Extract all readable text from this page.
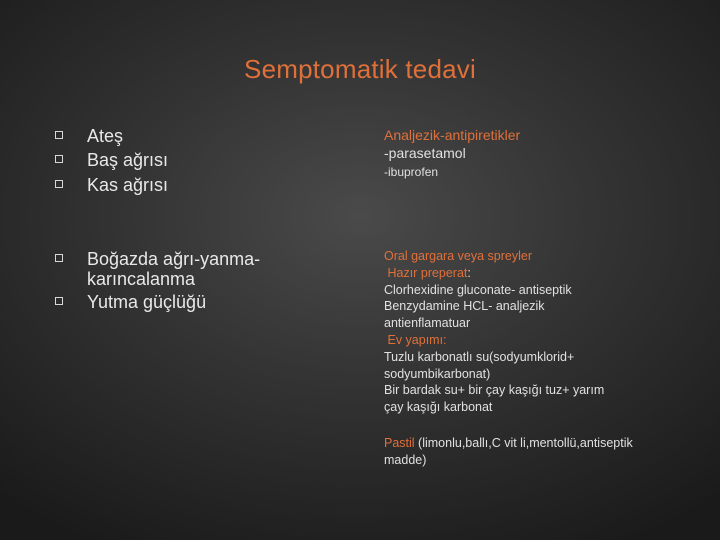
Semptomatik tedavi
Ateş
Baş ağrısı
Kas ağrısı
Boğazda ağrı-yanma-karıncalanma
Yutma güçlüğü
Analjezik-antipiretikler
-parasetamol
-ibuprofen
Oral gargara veya spreyler
Hazır preperat:
Clorhexidine gluconate- antiseptik
Benzydamine HCL- analjezik
antienflamatuar
Ev yapımı:
Tuzlu karbonatlı su(sodyumklorid+
sodyumbikarbonat)
Bir bardak su+ bir çay kaşığı tuz+ yarım
çay kaşığı karbonat
Pastil (limonlu,ballı,C vit li,mentollü,antiseptik
madde)
